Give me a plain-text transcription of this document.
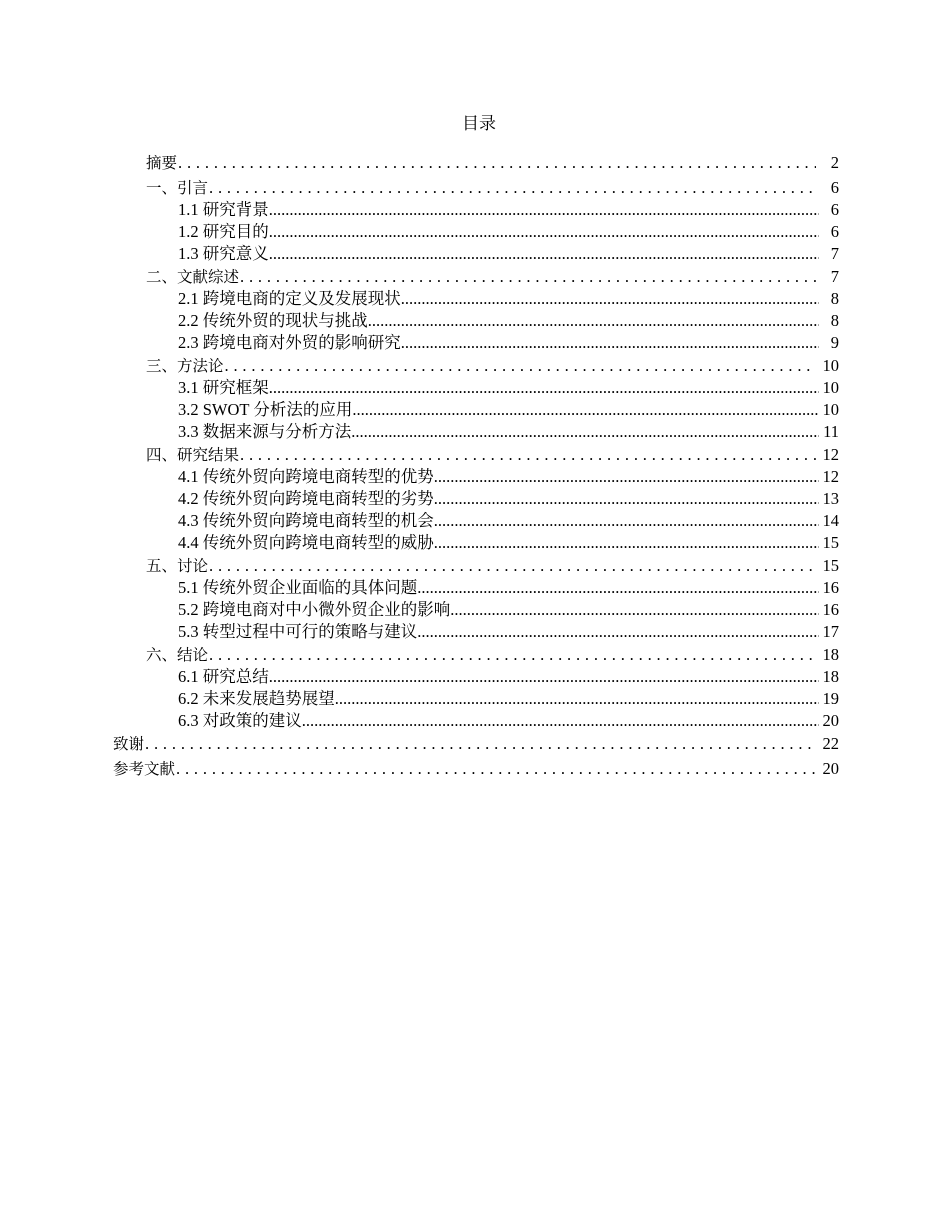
目录
摘要 . . .	2
一、引言 . . .	6
1.1 研究背景 .....	6
1.2 研究目的 .....	6
1.3 研究意义 .....	7
二、文献综述 . . .	7
2.1 跨境电商的定义及发展现状 .....	8
2.2 传统外贸的现状与挑战 .....	8
2.3 跨境电商对外贸的影响研究 .....	9
三、方法论 . . .	10
3.1 研究框架 .....	10
3.2 SWOT 分析法的应用 .....	10
3.3 数据来源与分析方法 .....	11
四、研究结果 . . .	12
4.1 传统外贸向跨境电商转型的优势 .....	12
4.2 传统外贸向跨境电商转型的劣势 .....	13
4.3 传统外贸向跨境电商转型的机会 .....	14
4.4 传统外贸向跨境电商转型的威胁 .....	15
五、讨论 . . .	15
5.1 传统外贸企业面临的具体问题 .....	16
5.2 跨境电商对中小微外贸企业的影响 .....	16
5.3 转型过程中可行的策略与建议 .....	17
六、结论 . . .	18
6.1 研究总结 .....	18
6.2 未来发展趋势展望 .....	19
6.3 对政策的建议 .....	20
致谢 . . .	22
参考文献 . . .	20
